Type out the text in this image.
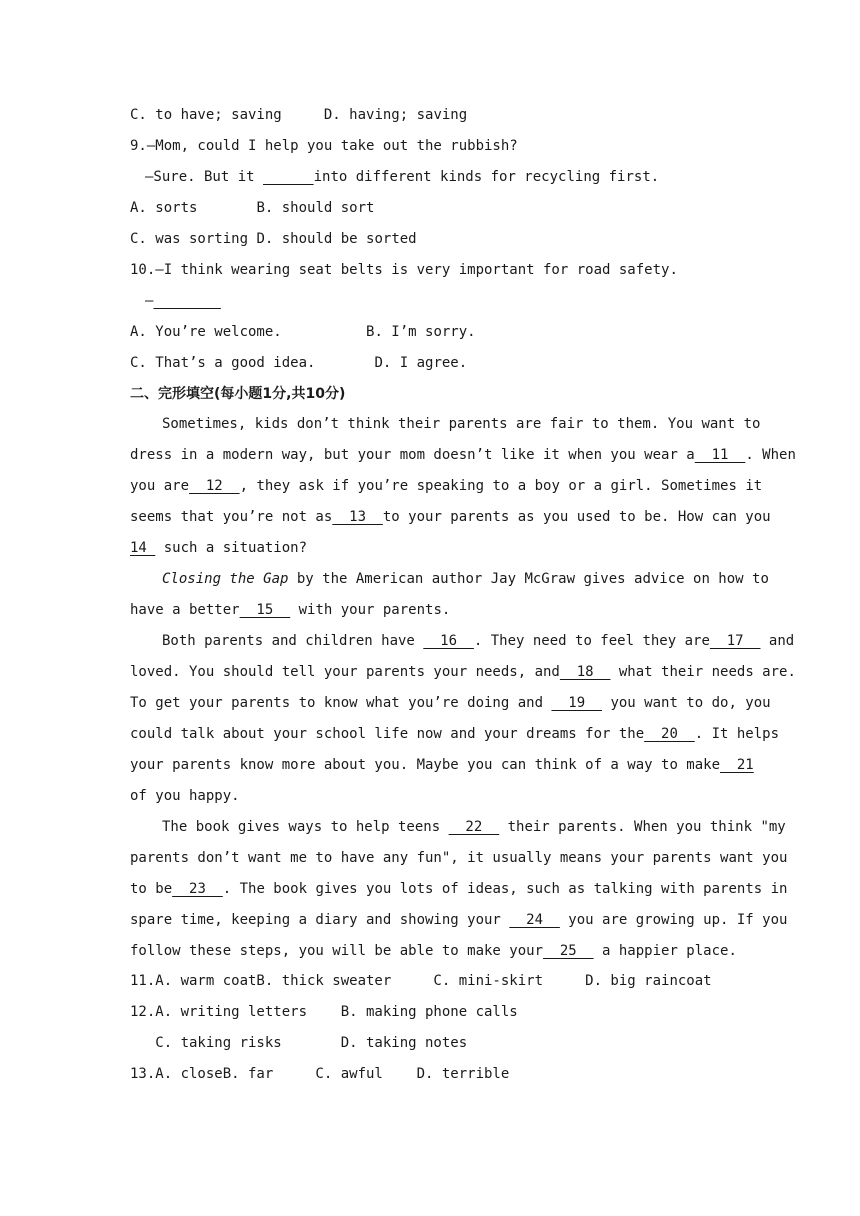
C. to have; saving	D. having; saving
9.—Mom, could I help you take out the rubbish?
—Sure. But it	into different kinds for recycling first.
A. sorts	B. should sort
C. was sorting D. should be sorted
10.—I think wearing seat belts is very important for road safety.
—
A. You’re welcome.	B. I’m sorry.
C. That’s a good idea.	D. I agree.
二、完形填空(每小题1分,共10分)
Sometimes, kids don’t think their parents are fair to them. You want to
dress in a modern way, but your mom doesn’t like it when you wear a  11  . When
you are  12  , they ask if you’re speaking to a boy or a girl. Sometimes it
seems that you’re not as  13  to your parents as you used to be. How can you
14  such a situation?
Closing the Gap by the American author Jay McGraw gives advice on how to
have a better  15   with your parents.
Both parents and children have   16  . They need to feel they are  17   and
loved. You should tell your parents your needs, and  18   what their needs are.
To get your parents to know what you’re doing and   19   you want to do, you
could talk about your school life now and your dreams for the  20  . It helps
your parents know more about you. Maybe you can think of a way to make  21
of you happy.
The book gives ways to help teens   22   their parents. When you think "my
parents don’t want me to have any fun", it usually means your parents want you
to be  23  . The book gives you lots of ideas, such as talking with parents in
spare time, keeping a diary and showing your   24   you are growing up. If you
follow these steps, you will be able to make your  25   a happier place.
11.A. warm coatB. thick sweater     C. mini-skirt     D. big raincoat
12.A. writing letters    B. making phone calls
C. taking risks       D. taking notes
13.A. closeB. far     C. awful    D. terrible
